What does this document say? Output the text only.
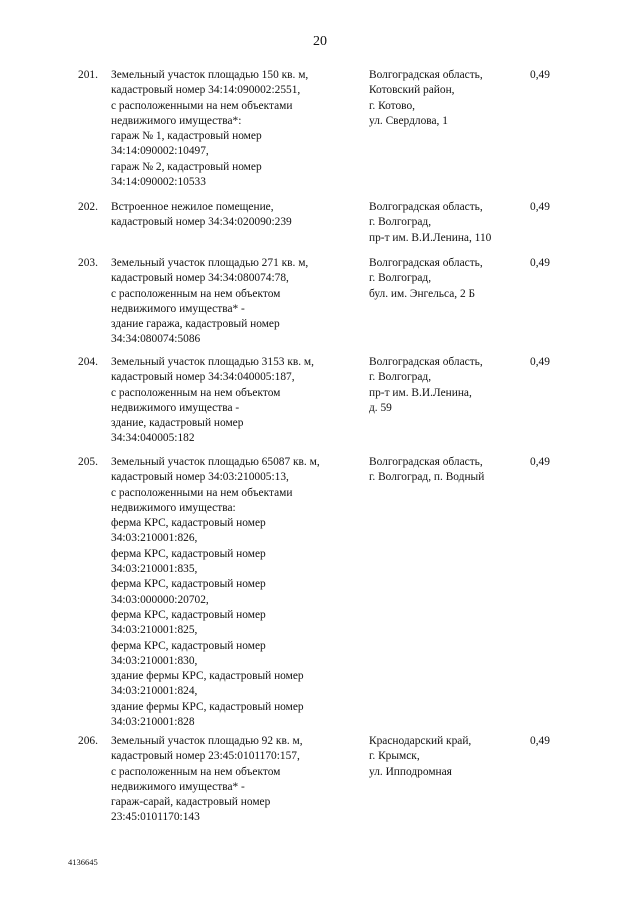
20
201. Земельный участок площадью 150 кв. м,
кадастровый номер 34:14:090002:2551,
с расположенными на нем объектами
недвижимого имущества*:
гараж № 1, кадастровый номер
34:14:090002:10497,
гараж № 2, кадастровый номер
34:14:090002:10533
Волгоградская область,
Котовский район,
г. Котово,
ул. Свердлова, 1
0,49
202. Встроенное нежилое помещение,
кадастровый номер 34:34:020090:239
Волгоградская область,
г. Волгоград,
пр-т им. В.И.Ленина, 110
0,49
203. Земельный участок площадью 271 кв. м,
кадастровый номер 34:34:080074:78,
с расположенным на нем объектом
недвижимого имущества* -
здание гаража, кадастровый номер
34:34:080074:5086
Волгоградская область,
г. Волгоград,
бул. им. Энгельса, 2 Б
0,49
204. Земельный участок площадью 3153 кв. м,
кадастровый номер 34:34:040005:187,
с расположенным на нем объектом
недвижимого имущества -
здание, кадастровый номер
34:34:040005:182
Волгоградская область,
г. Волгоград,
пр-т им. В.И.Ленина,
д. 59
0,49
205. Земельный участок площадью 65087 кв. м,
кадастровый номер 34:03:210005:13,
с расположенными на нем объектами
недвижимого имущества:
ферма КРС, кадастровый номер
34:03:210001:826,
ферма КРС, кадастровый номер
34:03:210001:835,
ферма КРС, кадастровый номер
34:03:000000:20702,
ферма КРС, кадастровый номер
34:03:210001:825,
ферма КРС, кадастровый номер
34:03:210001:830,
здание фермы КРС, кадастровый номер
34:03:210001:824,
здание фермы КРС, кадастровый номер
34:03:210001:828
Волгоградская область,
г. Волгоград, п. Водный
0,49
206. Земельный участок площадью 92 кв. м,
кадастровый номер 23:45:0101170:157,
с расположенным на нем объектом
недвижимого имущества* -
гараж-сарай, кадастровый номер
23:45:0101170:143
Краснодарский край,
г. Крымск,
ул. Ипподромная
0,49
4136645
